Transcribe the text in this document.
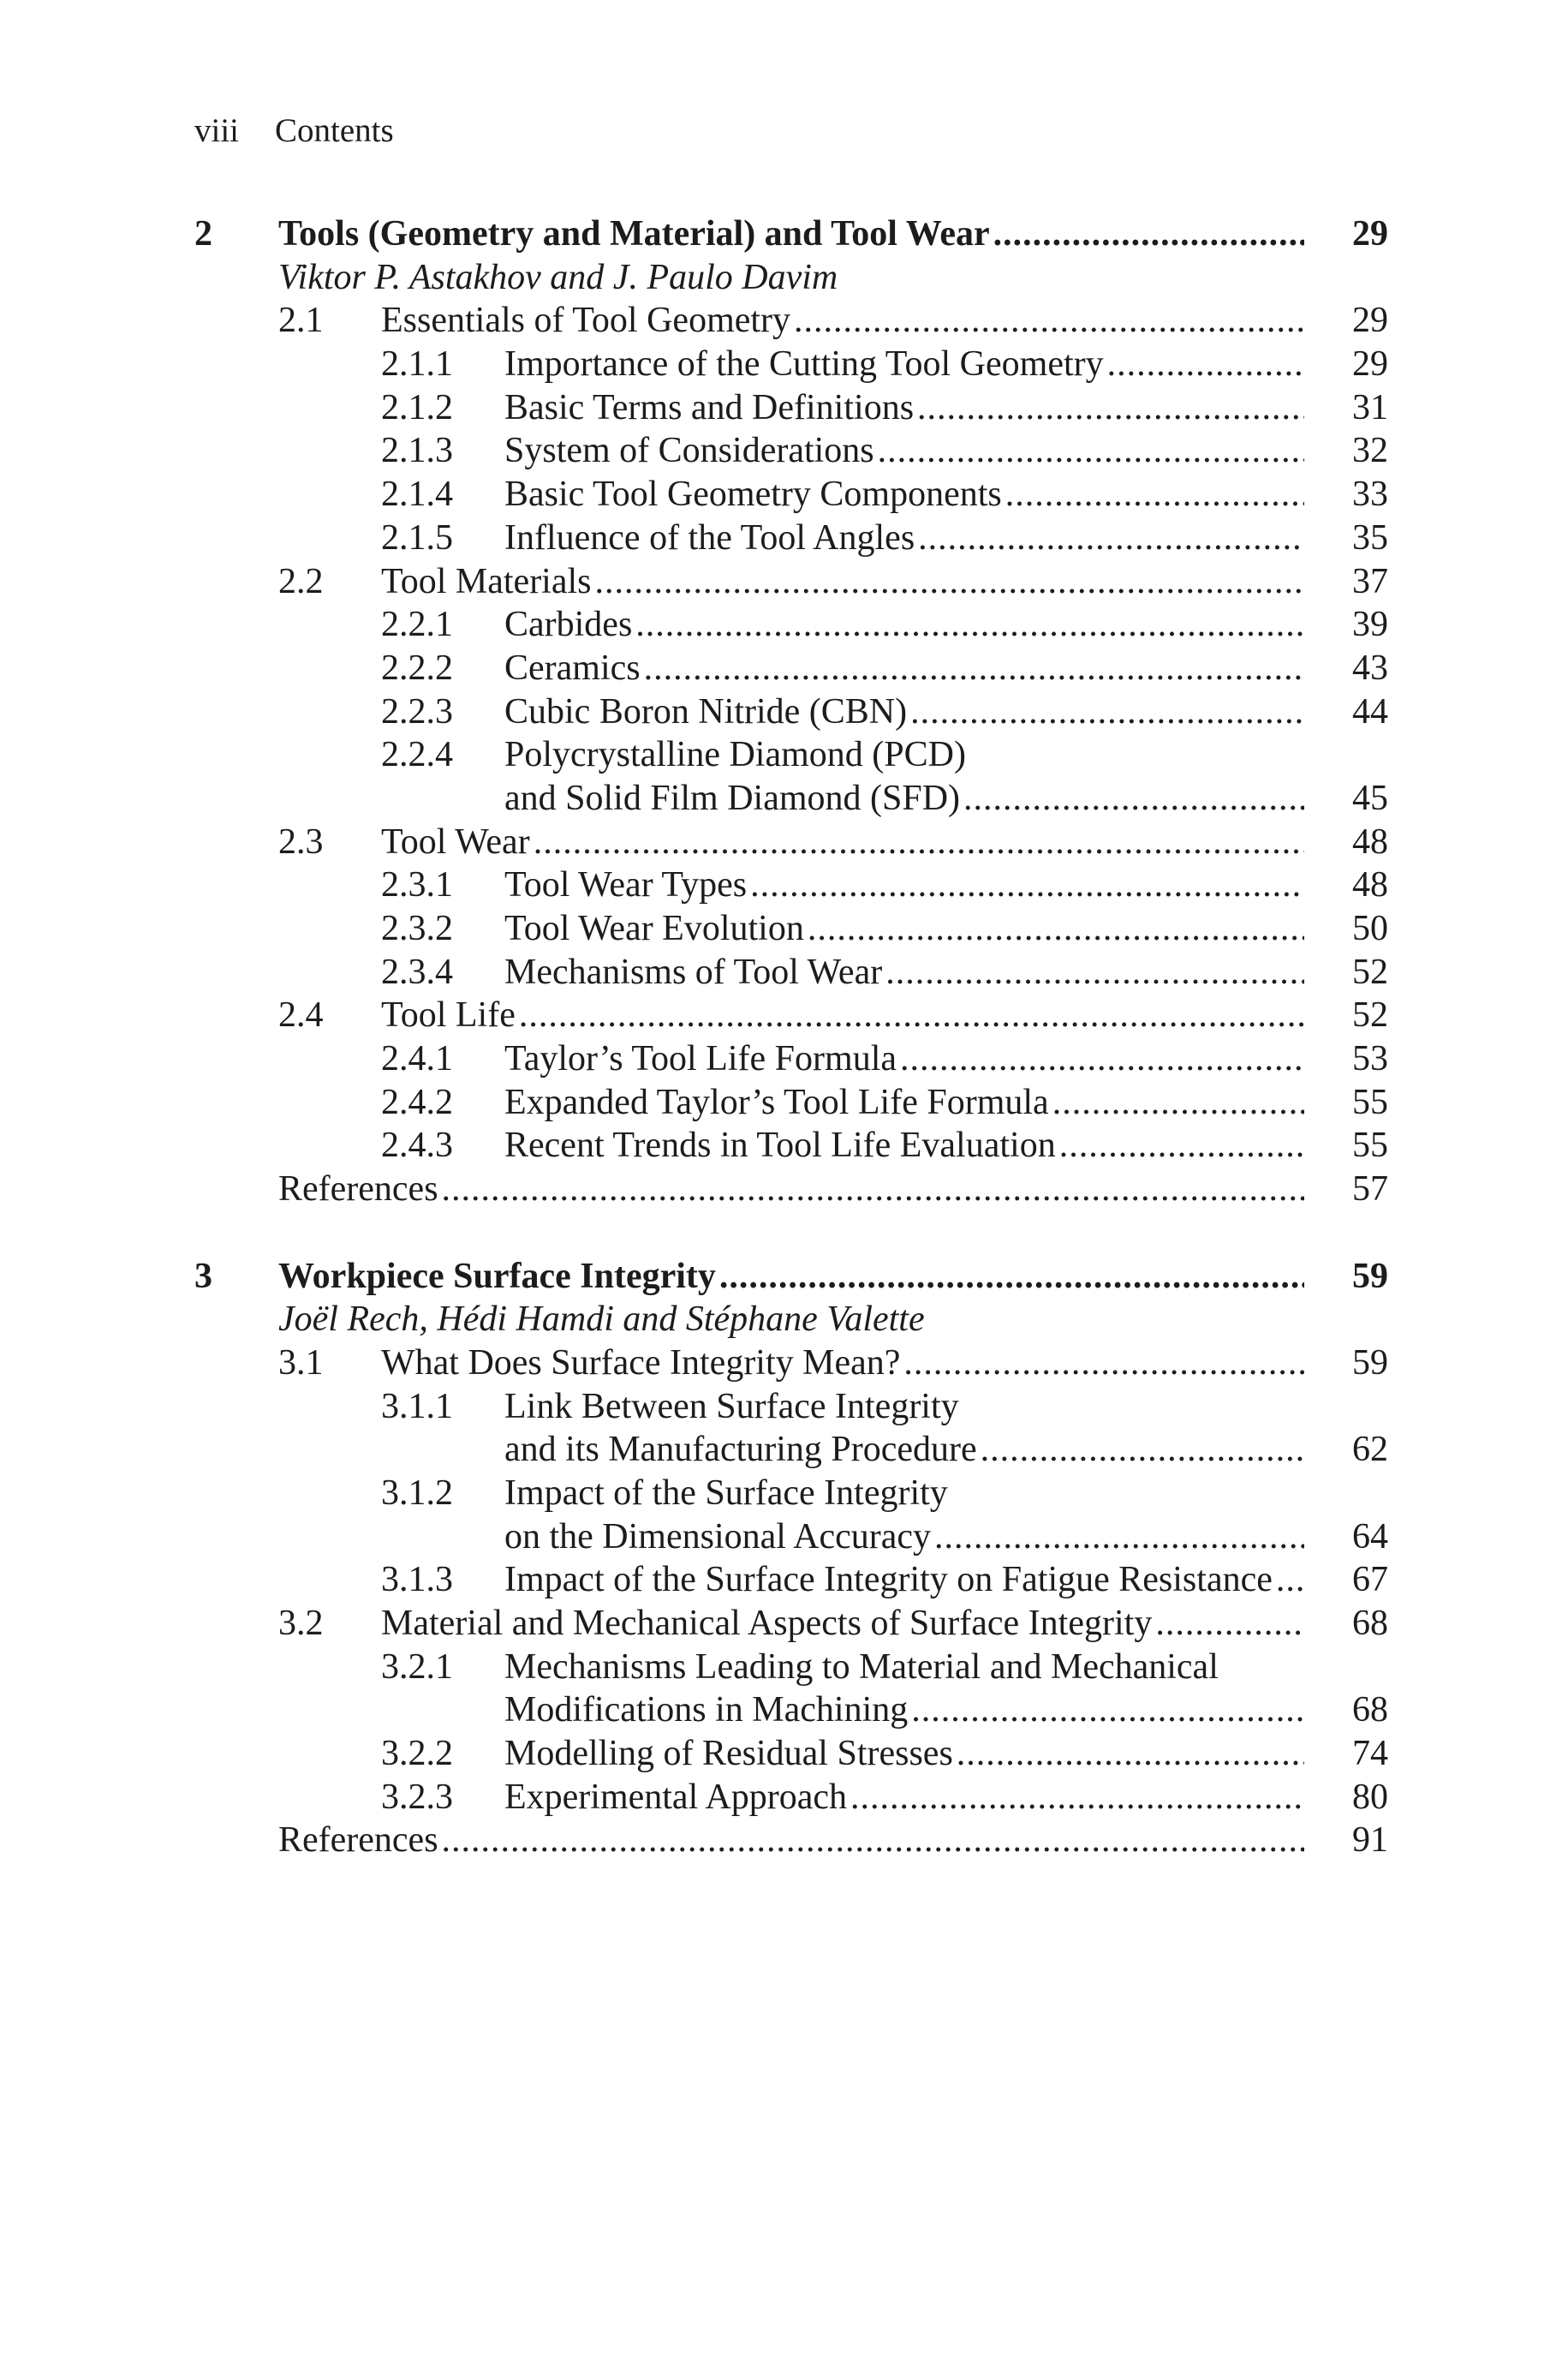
viii Contents
2 Tools (Geometry and Material) and Tool Wear .....	29
Viktor P. Astakhov and J. Paulo Davim
2.1 Essentials of Tool Geometry .....	29
2.1.1 Importance of the Cutting Tool Geometry .....	29
2.1.2 Basic Terms and Definitions .....	31
2.1.3 System of Considerations .....	32
2.1.4 Basic Tool Geometry Components .....	33
2.1.5 Influence of the Tool Angles .....	35
2.2 Tool Materials .....	37
2.2.1 Carbides .....	39
2.2.2 Ceramics .....	43
2.2.3 Cubic Boron Nitride (CBN) .....	44
2.2.4 Polycrystalline Diamond (PCD)
and Solid Film Diamond (SFD) .....	45
2.3 Tool Wear .....	48
2.3.1 Tool Wear Types .....	48
2.3.2 Tool Wear Evolution .....	50
2.3.4 Mechanisms of Tool Wear .....	52
2.4 Tool Life .....	52
2.4.1 Taylor’s Tool Life Formula .....	53
2.4.2 Expanded Taylor’s Tool Life Formula .....	55
2.4.3 Recent Trends in Tool Life Evaluation .....	55
References .....	57
3 Workpiece Surface Integrity .....	59
Joël Rech, Hédi Hamdi and Stéphane Valette
3.1 What Does Surface Integrity Mean? .....	59
3.1.1 Link Between Surface Integrity
and its Manufacturing Procedure .....	62
3.1.2 Impact of the Surface Integrity
on the Dimensional Accuracy .....	64
3.1.3 Impact of the Surface Integrity on Fatigue Resistance ..... 67
3.2 Material and Mechanical Aspects of Surface Integrity .....	68
3.2.1 Mechanisms Leading to Material and Mechanical
Modifications in Machining .....	68
3.2.2 Modelling of Residual Stresses .....	74
3.2.3 Experimental Approach .....	80
References .....	91
